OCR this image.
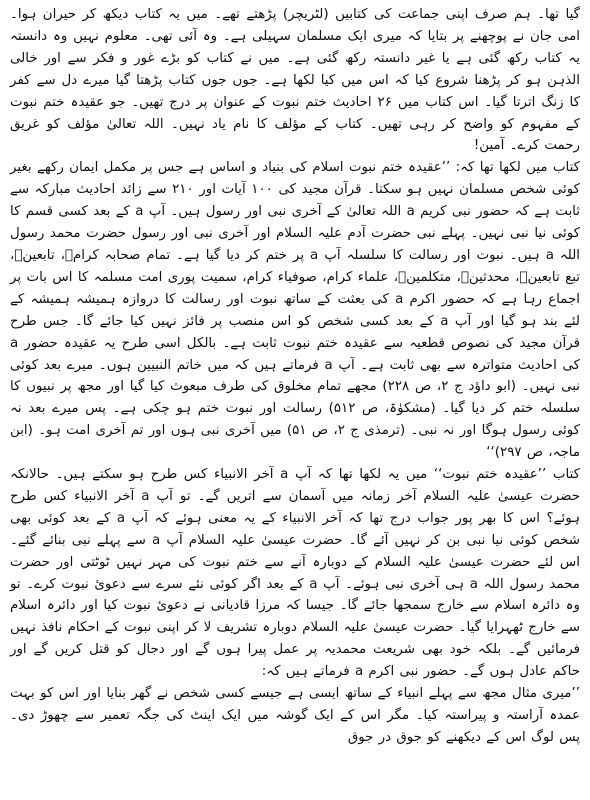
گیا تھا۔ ہم صرف اپنی جماعت کی کتابیں (لٹریچر) پڑھتے تھے۔ میں یہ کتاب دیکھ کر حیران ہوا۔ امی جان نے پوچھنے پر بتایا کہ میری ایک مسلمان سہیلی ہے۔ وہ آئی تھی۔ معلوم نہیں وہ دانستہ یہ کتاب رکھ گئی ہے یا غیر دانستہ رکھ گئی ہے۔ میں نے کتاب کو بڑے غور و فکر سے اور خالی الذہن ہو کر پڑھنا شروع کیا کہ اس میں کیا لکھا ہے۔ جوں جوں کتاب پڑھتا گیا میرے دل سے کفر کا زنگ اترتا گیا۔ اس کتاب میں ۲۶ احادیث ختم نبوت کے عنوان پر درج تھیں۔ جو عقیدہ ختم نبوت کے مفہوم کو واضح کر رہی تھیں۔ کتاب کے مؤلف کا نام یاد نہیں۔ اللہ تعالیٰ مؤلف کو غریق رحمت کرے۔ آمین!

کتاب میں لکھا تھا کہ: ’’عقیدہ ختم نبوت اسلام کی بنیاد و اساس ہے جس پر مکمل ایمان رکھے بغیر کوئی شخص مسلمان نہیں ہو سکتا۔ قرآن مجید کی ۱۰۰ آیات اور ۲۱۰ سے زائد احادیث مبارکہ سے ثابت ہے کہ حضور نبی کریم a اللہ تعالیٰ کے آخری نبی اور رسول ہیں۔ آپ a کے بعد کسی قسم کا کوئی نیا نبی نہیں۔ پہلے نبی حضرت آدم علیہ السلام اور آخری نبی اور رسول حضرت محمد رسول اللہ a ہیں۔ نبوت اور رسالت کا سلسلہ آپ a پر ختم کر دیا گیا ہے۔ تمام صحابہ کرامؓ، تابعینؒ، تبع تابعینؒ، محدثینؒ، متکلمینؒ، علماء کرام، صوفیاء کرام، سمیت پوری امت مسلمہ کا اس بات پر اجماع رہا ہے کہ حضور اکرم a کی بعثت کے ساتھ نبوت اور رسالت کا دروازہ ہمیشہ ہمیشہ کے لئے بند ہو گیا اور آپ a کے بعد کسی شخص کو اس منصب پر فائز نہیں کیا جائے گا۔ جس طرح قرآن مجید کی نصوص قطعیہ سے عقیدہ ختم نبوت ثابت ہے۔ بالکل اسی طرح یہ عقیدہ حضور a کی احادیث متواترہ سے بھی ثابت ہے۔ آپ a فرماتے ہیں کہ میں خاتم النبیین ہوں۔ میرے بعد کوئی نبی نہیں۔ (ابو داؤد ج ۲، ص ۲۲۸) مجھے تمام مخلوق کی طرف مبعوث کیا گیا اور مجھ پر نبیوں کا سلسلہ ختم کر دیا گیا۔ (مشکوٰۃ، ص ۵۱۲) رسالت اور نبوت ختم ہو چکی ہے۔ پس میرے بعد نہ کوئی رسول ہوگا اور نہ نبی۔ (ترمذی ج ۲، ص ۵۱) میں آخری نبی ہوں اور تم آخری امت ہو۔ (ابن ماجہ، ص ۲۹۷)‘‘

کتاب ’’عقیدہ ختم نبوت‘‘ میں یہ لکھا تھا کہ آپ a آخر الانبیاء کس طرح ہو سکتے ہیں۔ حالانکہ حضرت عیسیٰ علیہ السلام آخر زمانہ میں آسمان سے اتریں گے۔ تو آپ a آخر الانبیاء کس طرح ہوئے؟ اس کا بھر پور جواب درج تھا کہ آخر الانبیاء کے یہ معنی ہوئے کہ آپ a کے بعد کوئی بھی شخص کوئی نیا نبی بن کر نہیں آئے گا۔ حضرت عیسیٰ علیہ السلام آپ a سے پہلے نبی بنائے گئے۔ اس لئے حضرت عیسیٰ علیہ السلام کے دوبارہ آنے سے ختم نبوت کی مہر نہیں ٹوٹتی اور حضرت محمد رسول اللہ a ہی آخری نبی ہوئے۔ آپ a کے بعد اگر کوئی نئے سرے سے دعوئ نبوت کرے۔ تو وہ دائرہ اسلام سے خارج سمجھا جائے گا۔ جیسا کہ مرزا قادیانی نے دعوئ نبوت کیا اور دائرہ اسلام سے خارج ٹھہرایا گیا۔ حضرت عیسیٰ علیہ السلام دوبارہ تشریف لا کر اپنی نبوت کے احکام نافذ نہیں فرمائیں گے۔ بلکہ خود بھی شریعت محمدیہ پر عمل پیرا ہوں گے اور دجال کو قتل کریں گے اور حاکم عادل ہوں گے۔ حضور نبی اکرم a فرماتے ہیں کہ:

’’میری مثال مجھ سے پہلے انبیاء کے ساتھ ایسی ہے جیسے کسی شخص نے گھر بنایا اور اس کو بہت عمدہ آراستہ و پیراستہ کیا۔ مگر اس کے ایک گوشہ میں ایک اینٹ کی جگہ تعمیر سے چھوڑ دی۔ پس لوگ اس کے دیکھنے کو جوق در جوق
